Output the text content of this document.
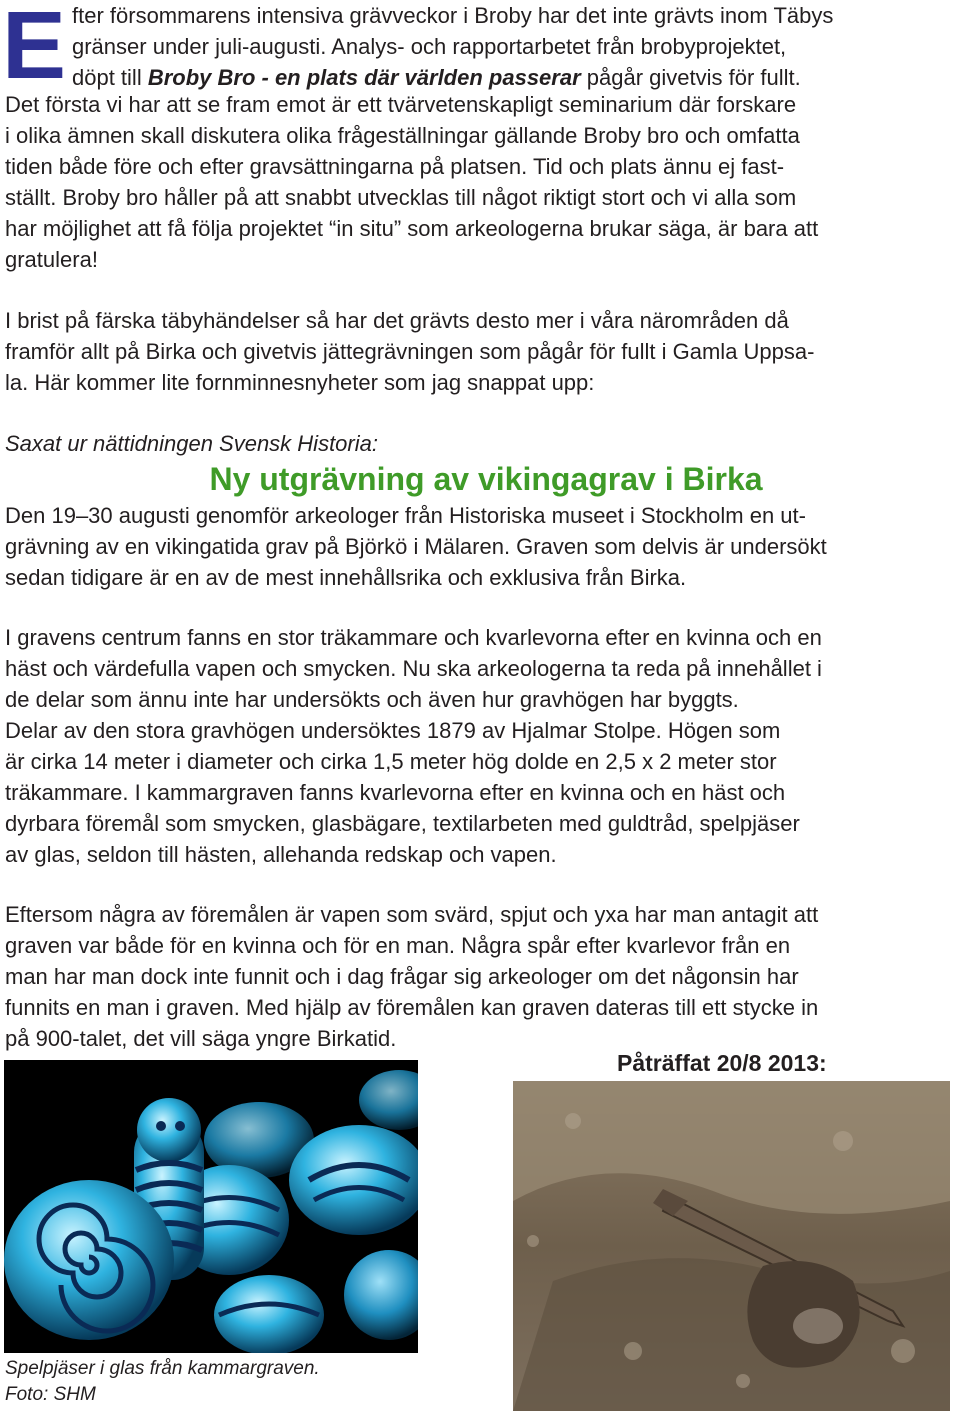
E fter försommarens intensiva grävveckor i Broby har det inte grävts inom Täbys
gränser under juli-augusti. Analys- och rapportarbetet från brobyprojektet,
döpt till Broby Bro - en plats där världen passerar pågår givetvis för fullt.
Det första vi har att se fram emot är ett tvärvetenskapligt seminarium där forskare
i olika ämnen skall diskutera olika frågeställningar gällande Broby bro och omfatta
tiden både före och efter gravsättningarna på platsen. Tid och plats ännu ej fast-
ställt. Broby bro håller på att snabbt utvecklas till något riktigt stort och vi alla som
har möjlighet att få följa projektet “in situ” som arkeologerna brukar säga, är bara att
gratulera!
I brist på färska täbyhändelser så har det grävts desto mer i våra närområden då
framför allt på Birka och givetvis jättegrävningen som pågår för fullt i Gamla Uppsa-
la. Här kommer lite fornminnesnyheter som jag snappat upp:
Saxat ur nättidningen Svensk Historia:
Ny utgrävning av vikingagrav i Birka
Den 19–30 augusti genomför arkeologer från Historiska museet i Stockholm en ut-
grävning av en vikingatida grav på Björkö i Mälaren. Graven som delvis är undersökt
sedan tidigare är en av de mest innehållsrika och exklusiva från Birka.
I gravens centrum fanns en stor träkammare och kvarlevorna efter en kvinna och en
häst och värdefulla vapen och smycken. Nu ska arkeologerna ta reda på innehållet i
de delar som ännu inte har undersökts och även hur gravhögen har byggts.
Delar av den stora gravhögen undersöktes 1879 av Hjalmar Stolpe. Högen som
är cirka 14 meter i diameter och cirka 1,5 meter hög dolde en 2,5 x 2 meter stor
träkammare. I kammargraven fanns kvarlevorna efter en kvinna och en häst och
dyrbara föremål som smycken, glasbägare, textilarbeten med guldtråd, spelpjäser
av glas, seldon till hästen, allehanda redskap och vapen.
Eftersom några av föremålen är vapen som svärd, spjut och yxa har man antagit att
graven var både för en kvinna och för en man. Några spår efter kvarlevor från en
man har man dock inte funnit och i dag frågar sig arkeologer om det någonsin har
funnits en man i graven. Med hjälp av föremålen kan graven dateras till ett stycke in
på 900-talet, det vill säga yngre Birkatid.
Påträffat 20/8 2013:
Spelpjäser i glas från kammargraven.
Foto: SHM
